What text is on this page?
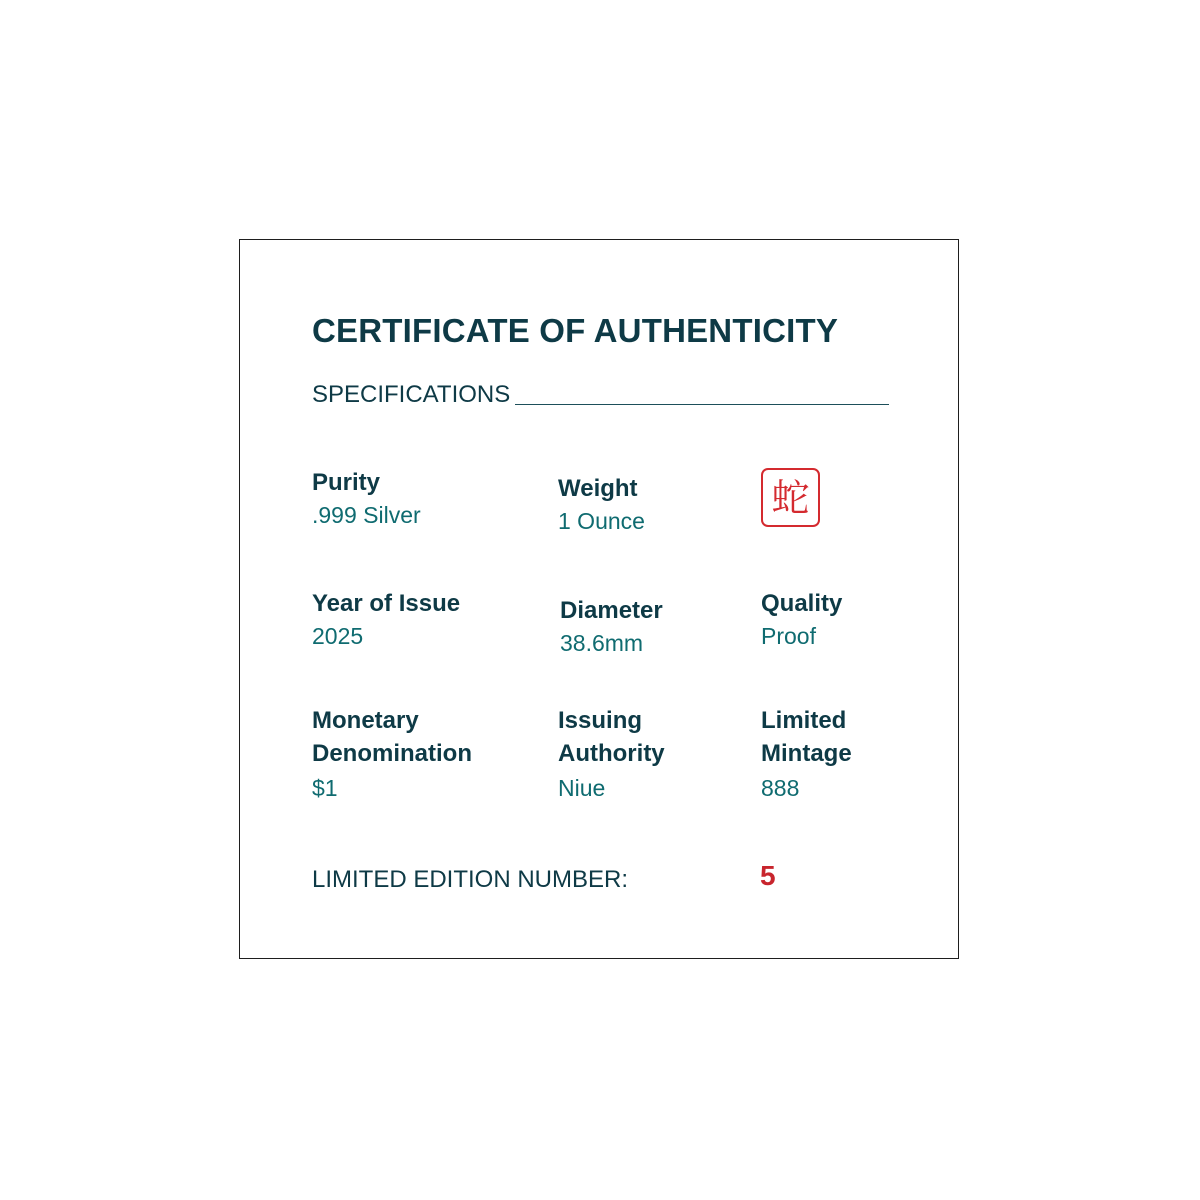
CERTIFICATE OF AUTHENTICITY
SPECIFICATIONS
Purity
.999 Silver
Weight
1 Ounce
蛇
Year of Issue
2025
Diameter
38.6mm
Quality
Proof
Monetary
Denomination
$1
Issuing
Authority
Niue
Limited
Mintage
888
LIMITED EDITION NUMBER:	5
